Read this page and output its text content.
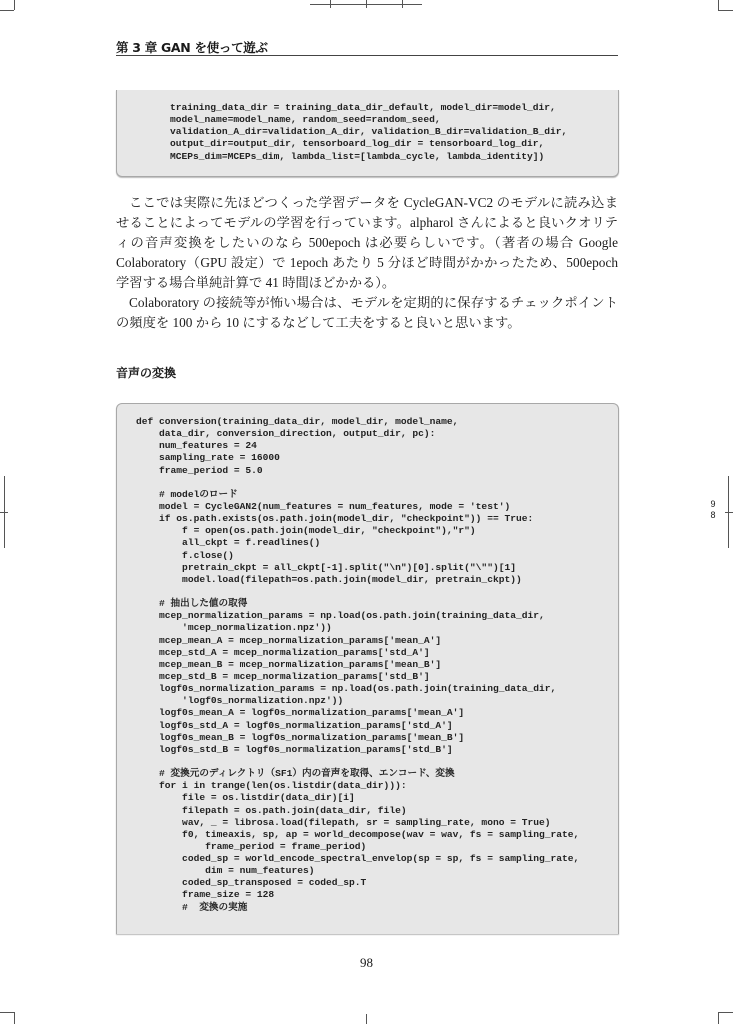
第 3 章 GAN を使って遊ぶ
training_data_dir = training_data_dir_default, model_dir=model_dir,
model_name=model_name, random_seed=random_seed,
validation_A_dir=validation_A_dir, validation_B_dir=validation_B_dir,
output_dir=output_dir, tensorboard_log_dir = tensorboard_log_dir,
MCEPs_dim=MCEPs_dim, lambda_list=[lambda_cycle, lambda_identity])

ここでは実際に先ほどつくった学習データを CycleGAN-VC2 のモデルに読み込ませることによってモデルの学習を行っています。alpharol さんによると良いクオリティの音声変換をしたいのなら 500epoch は必要らしいです。（著者の場合 Google Colaboratory（GPU 設定）で 1epoch あたり 5 分ほど時間がかかったため、500epoch 学習する場合単純計算で 41 時間ほどかかる）。

Colaboratory の接続等が怖い場合は、モデルを定期的に保存するチェックポイントの頻度を 100 から 10 にするなどして工夫をすると良いと思います。

音声の変換
def conversion(training_data_dir, model_dir, model_name,
data_dir, conversion_direction, output_dir, pc):
num_features = 24
sampling_rate = 16000
frame_period = 5.0
# modelのロード
model = CycleGAN2(num_features = num_features, mode = 'test')
if os.path.exists(os.path.join(model_dir, "checkpoint")) == True:
f = open(os.path.join(model_dir, "checkpoint"),"r")
all_ckpt = f.readlines()
f.close()
pretrain_ckpt = all_ckpt[-1].split("\n")[0].split("\"")[1]
model.load(filepath=os.path.join(model_dir, pretrain_ckpt))
# 抽出した値の取得
mcep_normalization_params = np.load(os.path.join(training_data_dir,
'mcep_normalization.npz'))
mcep_mean_A = mcep_normalization_params['mean_A']
mcep_std_A = mcep_normalization_params['std_A']
mcep_mean_B = mcep_normalization_params['mean_B']
mcep_std_B = mcep_normalization_params['std_B']
logf0s_normalization_params = np.load(os.path.join(training_data_dir,
'logf0s_normalization.npz'))
logf0s_mean_A = logf0s_normalization_params['mean_A']
logf0s_std_A = logf0s_normalization_params['std_A']
logf0s_mean_B = logf0s_normalization_params['mean_B']
logf0s_std_B = logf0s_normalization_params['std_B']
# 変換元のディレクトリ（SF1）内の音声を取得、エンコード、変換
for i in trange(len(os.listdir(data_dir))):
file = os.listdir(data_dir)[i]
filepath = os.path.join(data_dir, file)
wav, _ = librosa.load(filepath, sr = sampling_rate, mono = True)
f0, timeaxis, sp, ap = world_decompose(wav = wav, fs = sampling_rate,
frame_period = frame_period)
coded_sp = world_encode_spectral_envelop(sp = sp, fs = sampling_rate,
dim = num_features)
coded_sp_transposed = coded_sp.T
frame_size = 128
#  変換の実施
98
9
8
